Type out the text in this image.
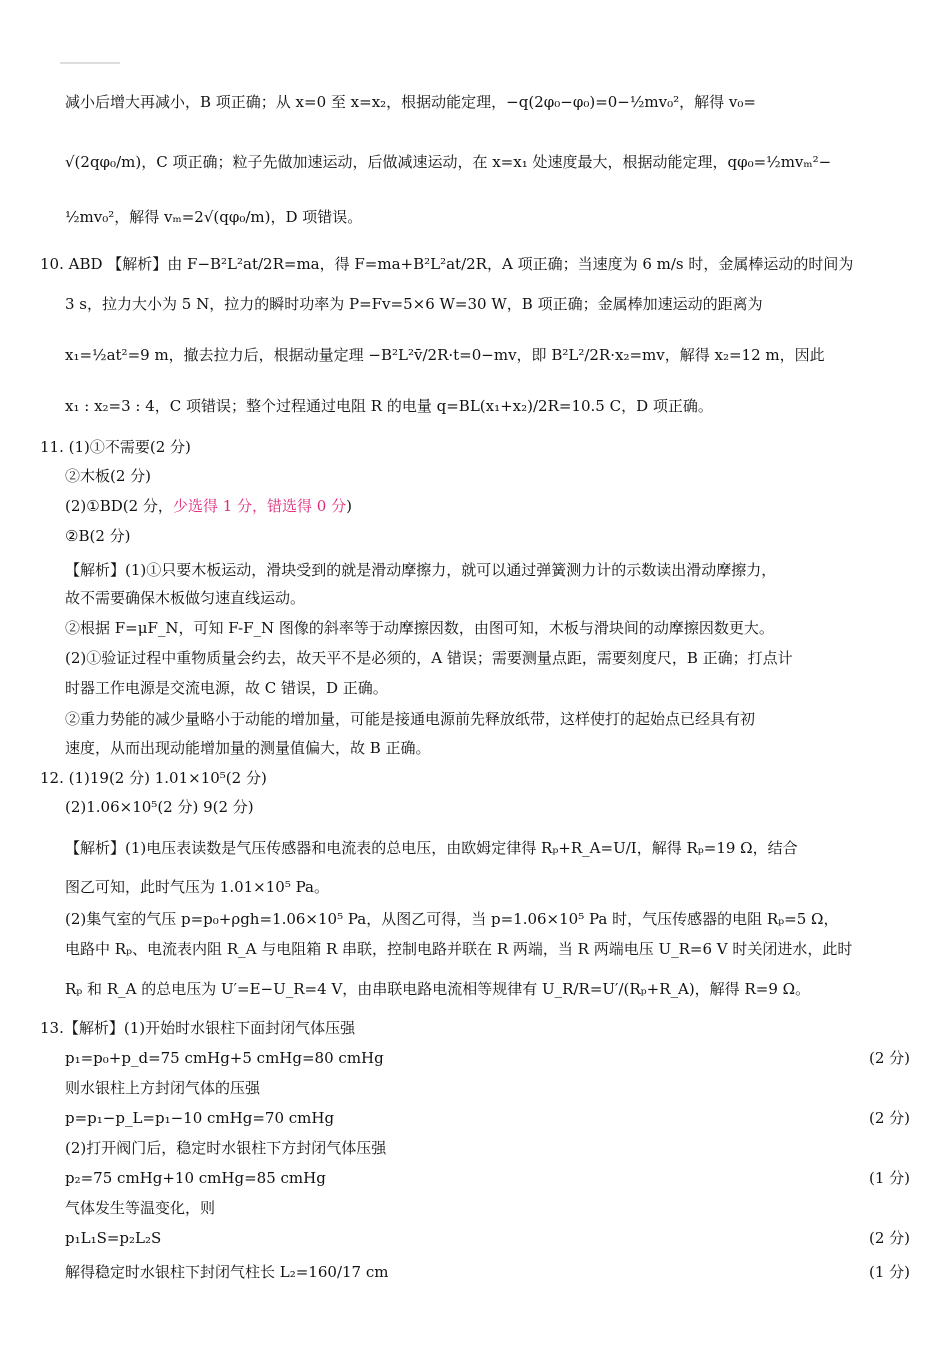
减小后增大再减小，B 项正确；从 x=0 至 x=x₂，根据动能定理，−q(2φ₀−φ₀)=0−½mv₀²，解得 v₀=
√(2qφ₀/m)，C 项正确；粒子先做加速运动，后做减速运动，在 x=x₁ 处速度最大，根据动能定理，qφ₀=½mvₘ²−
½mv₀²，解得 vₘ=2√(qφ₀/m)，D 项错误。
10. ABD 【解析】由 F−B²L²at/2R=ma，得 F=ma+B²L²at/2R，A 项正确；当速度为 6 m/s 时，金属棒运动的时间为
3 s，拉力大小为 5 N，拉力的瞬时功率为 P=Fv=5×6 W=30 W，B 项正确；金属棒加速运动的距离为
x₁=½at²=9 m，撤去拉力后，根据动量定理 −B²L²v̄/2R·t=0−mv，即 B²L²/2R·x₂=mv，解得 x₂=12 m，因此
x₁ : x₂=3 : 4，C 项错误；整个过程通过电阻 R 的电量 q=BL(x₁+x₂)/2R=10.5 C，D 项正确。
11. (1)①不需要(2 分)
②木板(2 分)
(2)①BD(2 分，少选得 1 分，错选得 0 分)
②B(2 分)
【解析】(1)①只要木板运动，滑块受到的就是滑动摩擦力，就可以通过弹簧测力计的示数读出滑动摩擦力，
故不需要确保木板做匀速直线运动。
②根据 F=μF_N，可知 F-F_N 图像的斜率等于动摩擦因数，由图可知，木板与滑块间的动摩擦因数更大。
(2)①验证过程中重物质量会约去，故天平不是必须的，A 错误；需要测量点距，需要刻度尺，B 正确；打点计
时器工作电源是交流电源，故 C 错误，D 正确。
②重力势能的减少量略小于动能的增加量，可能是接通电源前先释放纸带，这样使打的起始点已经具有初
速度，从而出现动能增加量的测量值偏大，故 B 正确。
12. (1)19(2 分) 1.01×10⁵(2 分)
(2)1.06×10⁵(2 分) 9(2 分)
【解析】(1)电压表读数是气压传感器和电流表的总电压，由欧姆定律得 Rₚ+R_A=U/I，解得 Rₚ=19 Ω，结合
图乙可知，此时气压为 1.01×10⁵ Pa。
(2)集气室的气压 p=p₀+ρgh=1.06×10⁵ Pa，从图乙可得，当 p=1.06×10⁵ Pa 时，气压传感器的电阻 Rₚ=5 Ω，
电路中 Rₚ、电流表内阻 R_A 与电阻箱 R 串联，控制电路并联在 R 两端，当 R 两端电压 U_R=6 V 时关闭进水，此时
Rₚ 和 R_A 的总电压为 U′=E−U_R=4 V，由串联电路电流相等规律有 U_R/R=U′/(Rₚ+R_A)，解得 R=9 Ω。
13.【解析】(1)开始时水银柱下面封闭气体压强
p₁=p₀+p_d=75 cmHg+5 cmHg=80 cmHg	(2 分)
则水银柱上方封闭气体的压强
p=p₁−p_L=p₁−10 cmHg=70 cmHg	(2 分)
(2)打开阀门后，稳定时水银柱下方封闭气体压强
p₂=75 cmHg+10 cmHg=85 cmHg	(1 分)
气体发生等温变化，则
p₁L₁S=p₂L₂S	(2 分)
解得稳定时水银柱下封闭气柱长 L₂=160/17 cm	(1 分)
